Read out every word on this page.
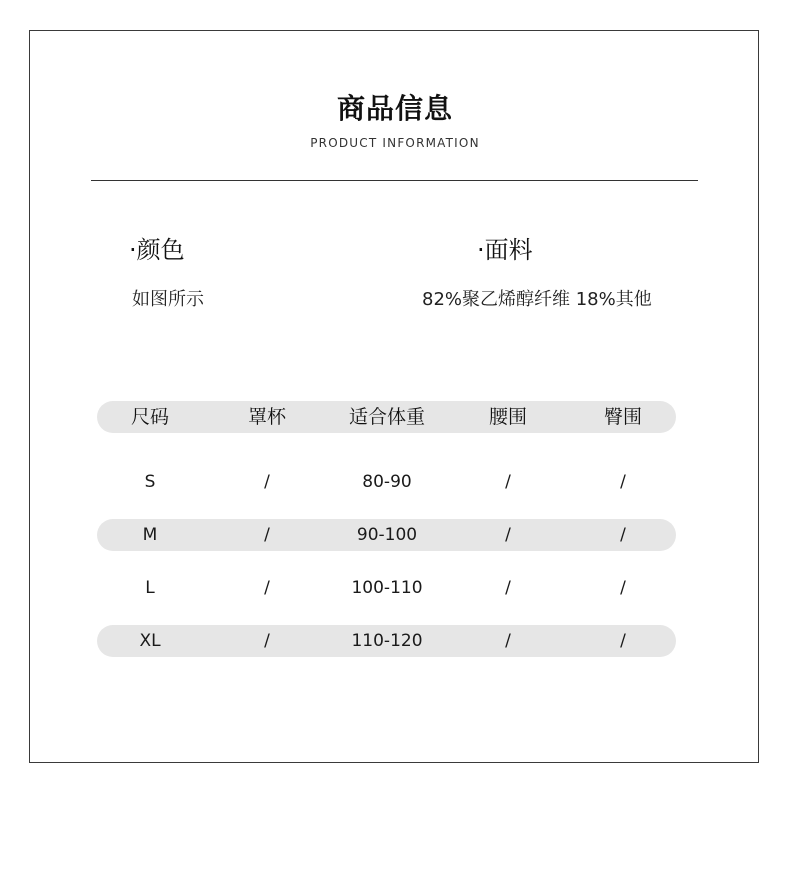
商品信息
PRODUCT INFORMATION
·颜色
如图所示
·面料
82%聚乙烯醇纤维 18%其他
尺码	罩杯	适合体重	腰围	臀围
S	/	80-90	/	/
M	/	90-100	/	/
L	/	100-110	/	/
XL	/	110-120	/	/
